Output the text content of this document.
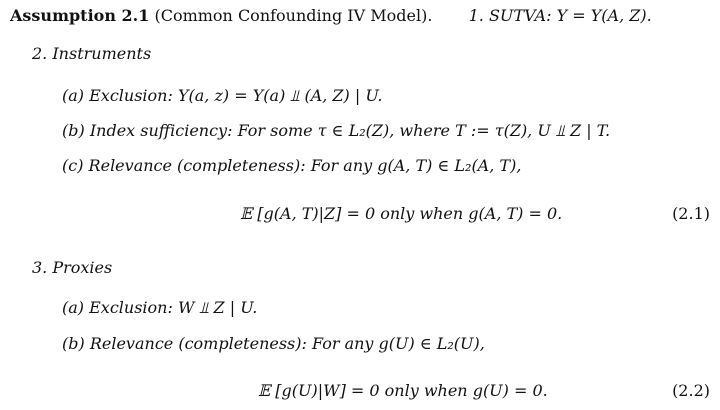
Assumption 2.1 (Common Confounding IV Model). 1. SUTVA: Y = Y(A, Z).
2. Instruments
(a) Exclusion: Y(a, z) = Y(a) ⫫ (A, Z) | U.
(b) Index sufficiency: For some τ ∈ L₂(Z), where T := τ(Z), U ⫫ Z | T.
(c) Relevance (completeness): For any g(A, T) ∈ L₂(A, T),
𝔼 [g(A, T)|Z] = 0 only when g(A, T) = 0.	(2.1)
3. Proxies
(a) Exclusion: W ⫫ Z | U.
(b) Relevance (completeness): For any g(U) ∈ L₂(U),
𝔼 [g(U)|W] = 0 only when g(U) = 0.	(2.2)
